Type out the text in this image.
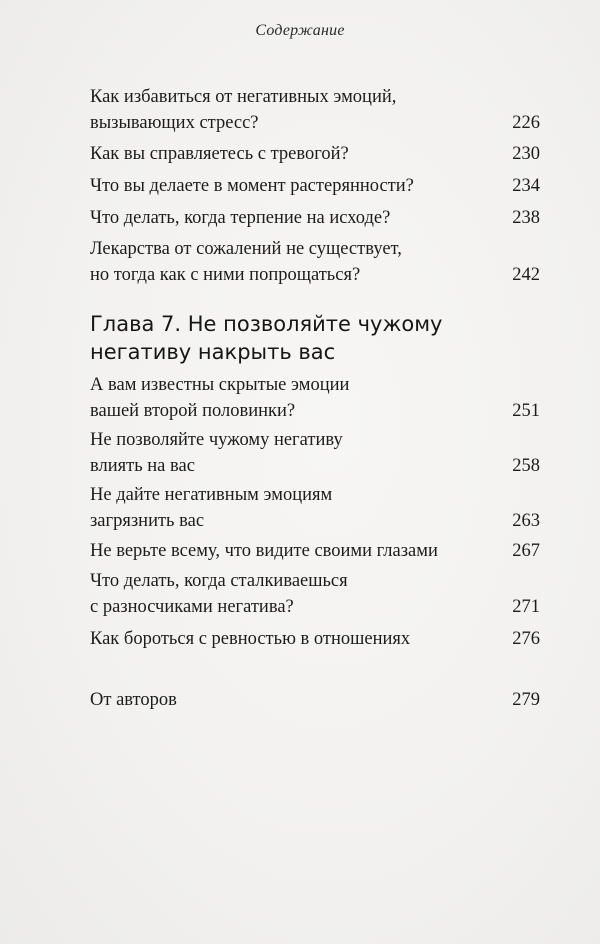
Содержание
Как избавиться от негативных эмоций,
вызывающих стресс?	226
Как вы справляетесь с тревогой?	230
Что вы делаете в момент растерянности?	234
Что делать, когда терпение на исходе?	238
Лекарства от сожалений не существует,
но тогда как с ними попрощаться?	242
Глава 7. Не позволяйте чужому
негативу накрыть вас
А вам известны скрытые эмоции
вашей второй половинки?	251
Не позволяйте чужому негативу
влиять на вас	258
Не дайте негативным эмоциям
загрязнить вас	263
Не верьте всему, что видите своими глазами	267
Что делать, когда сталкиваешься
с разносчиками негатива?	271
Как бороться с ревностью в отношениях	276
От авторов	279
